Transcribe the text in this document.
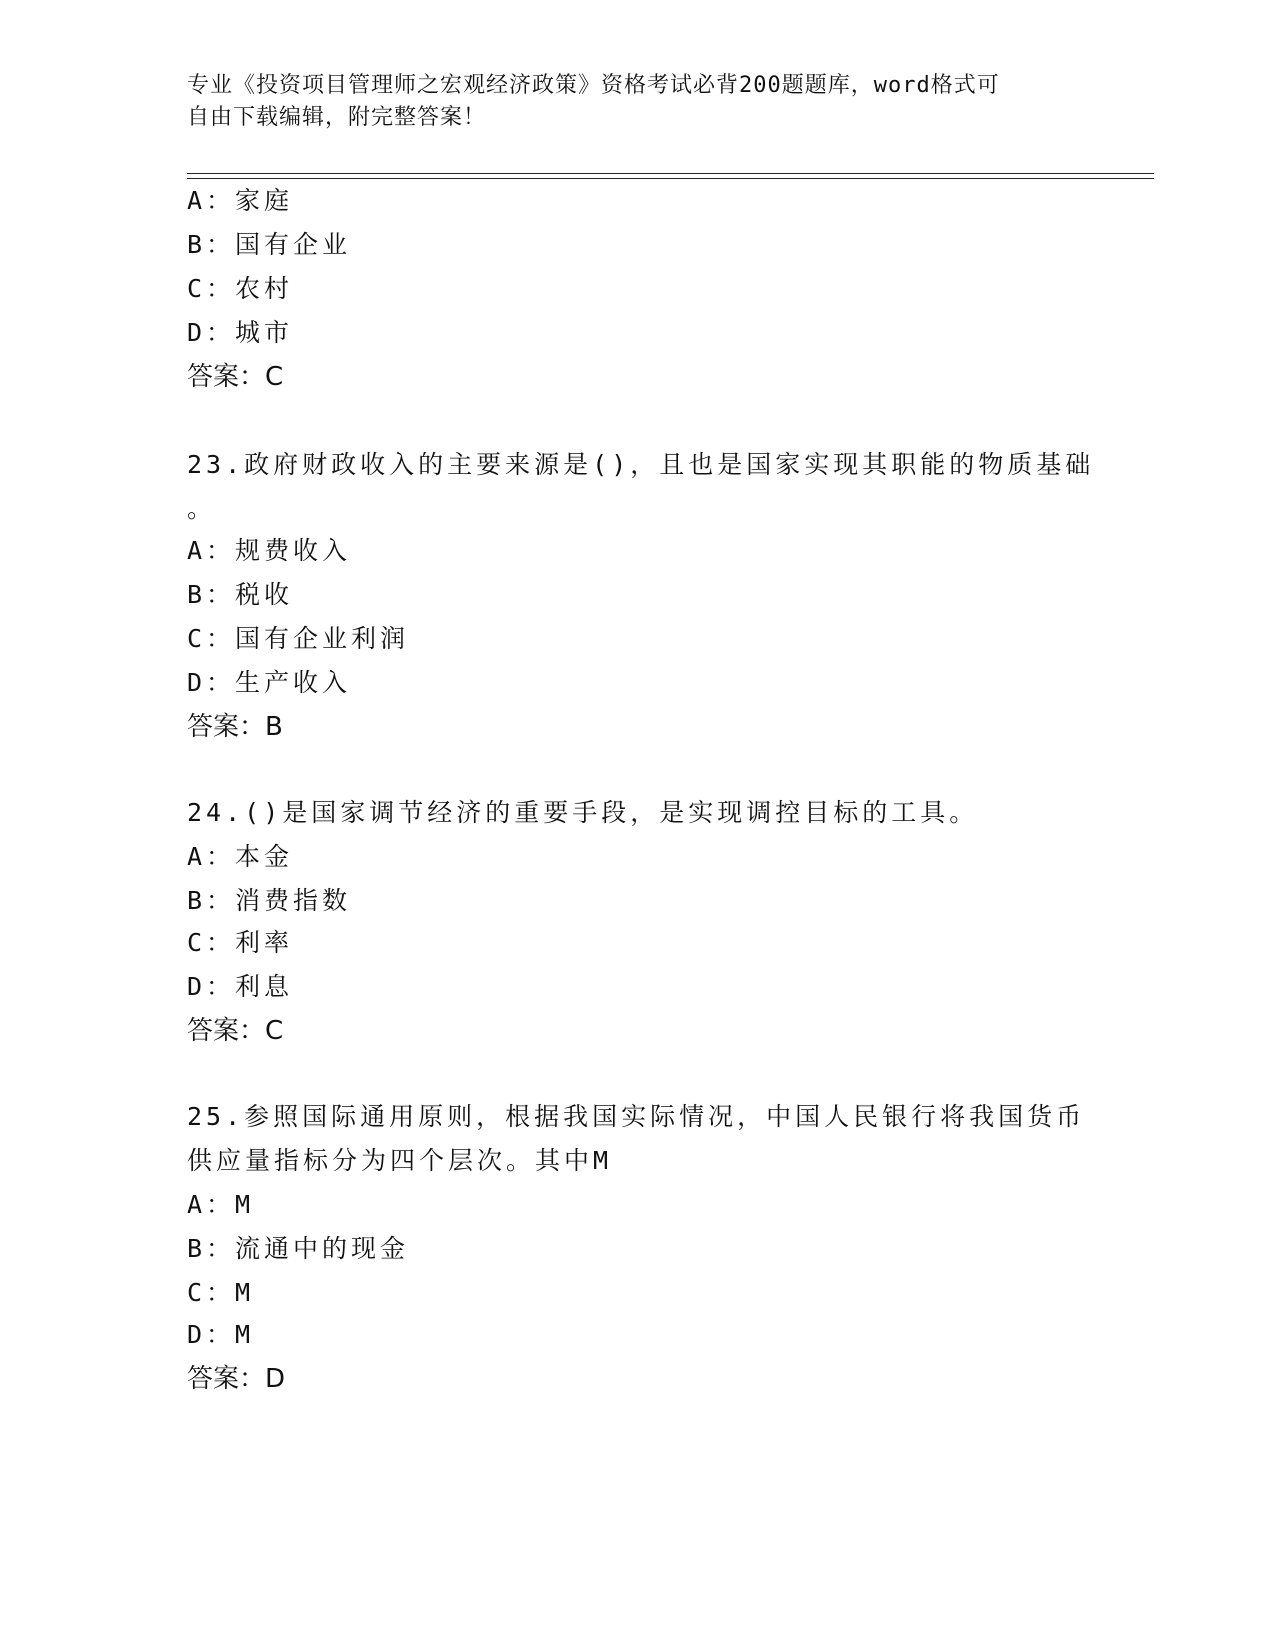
专业《投资项目管理师之宏观经济政策》资格考试必背200题题库，word格式可
自由下载编辑，附完整答案！
A：家庭
B：国有企业
C：农村
D：城市
答案：C
23.政府财政收入的主要来源是()，且也是国家实现其职能的物质基础
。
A：规费收入
B：税收
C：国有企业利润
D：生产收入
答案：B
24.()是国家调节经济的重要手段，是实现调控目标的工具。
A：本金
B：消费指数
C：利率
D：利息
答案：C
25.参照国际通用原则，根据我国实际情况，中国人民银行将我国货币
供应量指标分为四个层次。其中M
A：M
B：流通中的现金
C：M
D：M
答案：D
